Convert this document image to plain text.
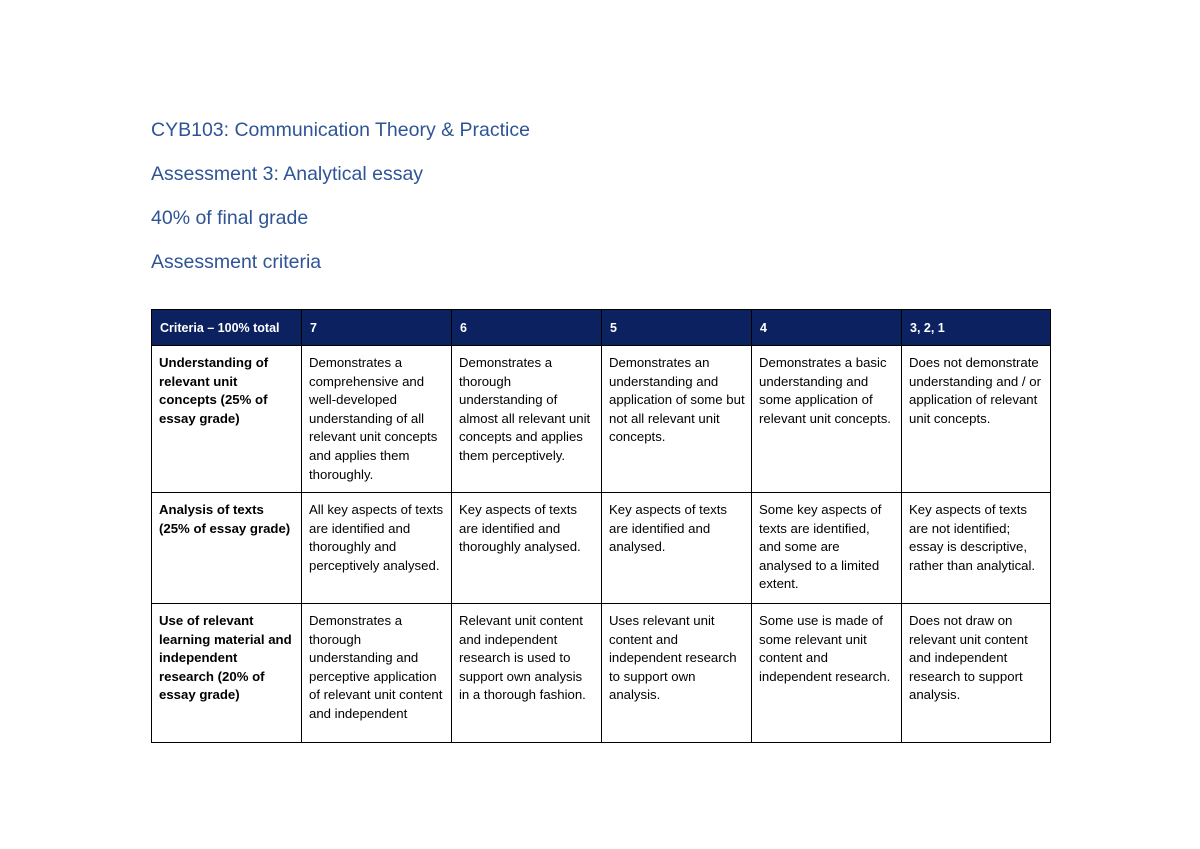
CYB103: Communication Theory & Practice
Assessment 3: Analytical essay
40% of final grade
Assessment criteria
Criteria – 100% total	7	6	5	4	3, 2, 1
Understanding of relevant unit concepts (25% of essay grade)	Demonstrates a comprehensive and well-developed understanding of all relevant unit concepts and applies them thoroughly.	Demonstrates a thorough understanding of almost all relevant unit concepts and applies them perceptively.	Demonstrates an understanding and application of some but not all relevant unit concepts.	Demonstrates a basic understanding and some application of relevant unit concepts.	Does not demonstrate understanding and / or application of relevant unit concepts.
Analysis of texts (25% of essay grade)	All key aspects of texts are identified and thoroughly and perceptively analysed.	Key aspects of texts are identified and thoroughly analysed.	Key aspects of texts are identified and analysed.	Some key aspects of texts are identified, and some are analysed to a limited extent.	Key aspects of texts are not identified; essay is descriptive, rather than analytical.
Use of relevant learning material and independent research (20% of essay grade)	Demonstrates a thorough understanding and perceptive application of relevant unit content and independent	Relevant unit content and independent research is used to support own analysis in a thorough fashion.	Uses relevant unit content and independent research to support own analysis.	Some use is made of some relevant unit content and independent research.	Does not draw on relevant unit content and independent research to support analysis.
